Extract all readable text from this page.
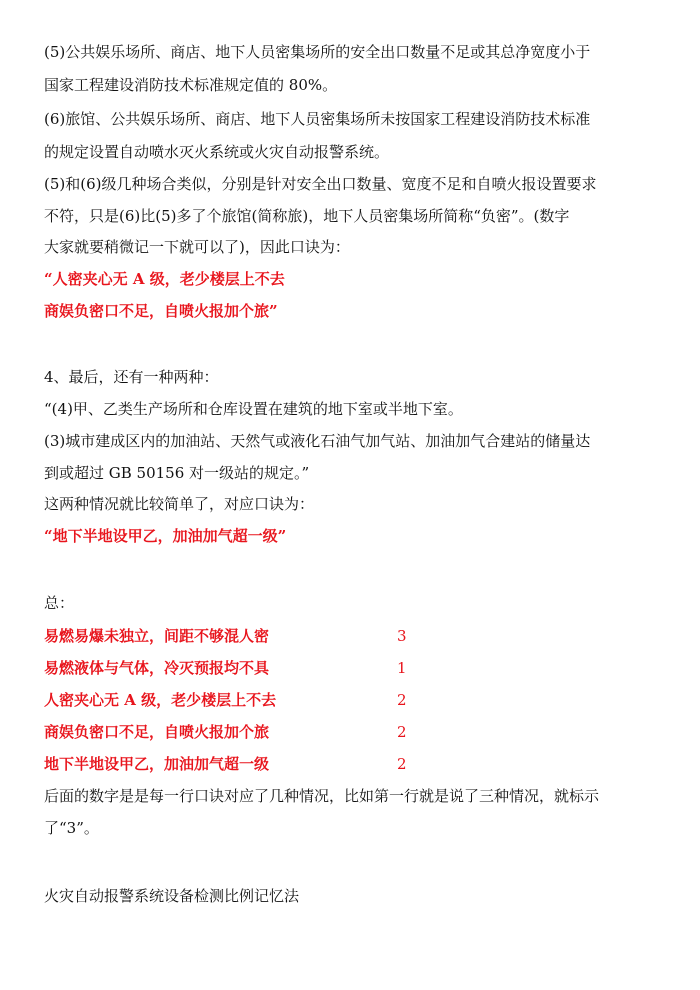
(5)公共娱乐场所、商店、地下人员密集场所的安全出口数量不足或其总净宽度小于
国家工程建设消防技术标准规定值的 80%。
(6)旅馆、公共娱乐场所、商店、地下人员密集场所未按国家工程建设消防技术标准
的规定设置自动喷水灭火系统或火灾自动报警系统。
(5)和(6)级几种场合类似，分别是针对安全出口数量、宽度不足和自喷火报设置要求
不符，只是(6)比(5)多了个旅馆(简称旅)，地下人员密集场所简称“负密”。(数字
大家就要稍微记一下就可以了)，因此口诀为：
“人密夹心无 A 级，老少楼层上不去
商娱负密口不足，自喷火报加个旅”
4、最后，还有一种两种：
“(4)甲、乙类生产场所和仓库设置在建筑的地下室或半地下室。
(3)城市建成区内的加油站、天然气或液化石油气加气站、加油加气合建站的储量达
到或超过 GB 50156 对一级站的规定。”
这两种情况就比较简单了，对应口诀为：
“地下半地设甲乙，加油加气超一级”
总：
易燃易爆未独立，间距不够混人密	3
易燃液体与气体，冷灭预报均不具	1
人密夹心无 A 级，老少楼层上不去	2
商娱负密口不足，自喷火报加个旅	2
地下半地设甲乙，加油加气超一级	2
后面的数字是是每一行口诀对应了几种情况，比如第一行就是说了三种情况，就标示
了“3”。
火灾自动报警系统设备检测比例记忆法
